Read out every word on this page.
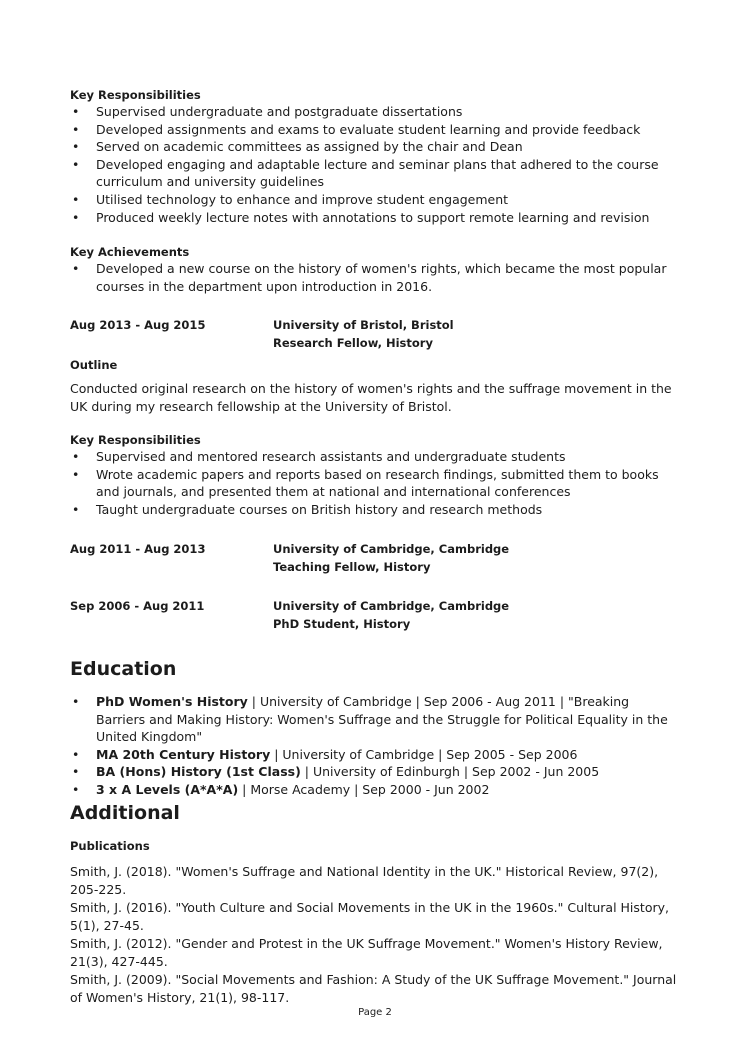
Key Responsibilities
• Supervised undergraduate and postgraduate dissertations
• Developed assignments and exams to evaluate student learning and provide feedback
• Served on academic committees as assigned by the chair and Dean
• Developed engaging and adaptable lecture and seminar plans that adhered to the course curriculum and university guidelines
• Utilised technology to enhance and improve student engagement
• Produced weekly lecture notes with annotations to support remote learning and revision
Key Achievements
• Developed a new course on the history of women's rights, which became the most popular courses in the department upon introduction in 2016.
Aug 2013 - Aug 2015	University of Bristol, Bristol
Research Fellow, History
Outline

Conducted original research on the history of women's rights and the suffrage movement in the UK during my research fellowship at the University of Bristol.

Key Responsibilities
• Supervised and mentored research assistants and undergraduate students
• Wrote academic papers and reports based on research findings, submitted them to books and journals, and presented them at national and international conferences
• Taught undergraduate courses on British history and research methods
Aug 2011 - Aug 2013	University of Cambridge, Cambridge
Teaching Fellow, History
Sep 2006 - Aug 2011	University of Cambridge, Cambridge
PhD Student, History
Education
• PhD Women's History | University of Cambridge | Sep 2006 - Aug 2011 | "Breaking Barriers and Making History: Women's Suffrage and the Struggle for Political Equality in the United Kingdom"
• MA 20th Century History | University of Cambridge | Sep 2005 - Sep 2006
• BA (Hons) History (1st Class) | University of Edinburgh | Sep 2002 - Jun 2005
• 3 x A Levels (A*A*A) | Morse Academy | Sep 2000 - Jun 2002
Additional
Publications

Smith, J. (2018). "Women's Suffrage and National Identity in the UK." Historical Review, 97(2), 205-225.

Smith, J. (2016). "Youth Culture and Social Movements in the UK in the 1960s." Cultural History, 5(1), 27-45.

Smith, J. (2012). "Gender and Protest in the UK Suffrage Movement." Women's History Review, 21(3), 427-445.

Smith, J. (2009). "Social Movements and Fashion: A Study of the UK Suffrage Movement." Journal of Women's History, 21(1), 98-117.

Page 2
